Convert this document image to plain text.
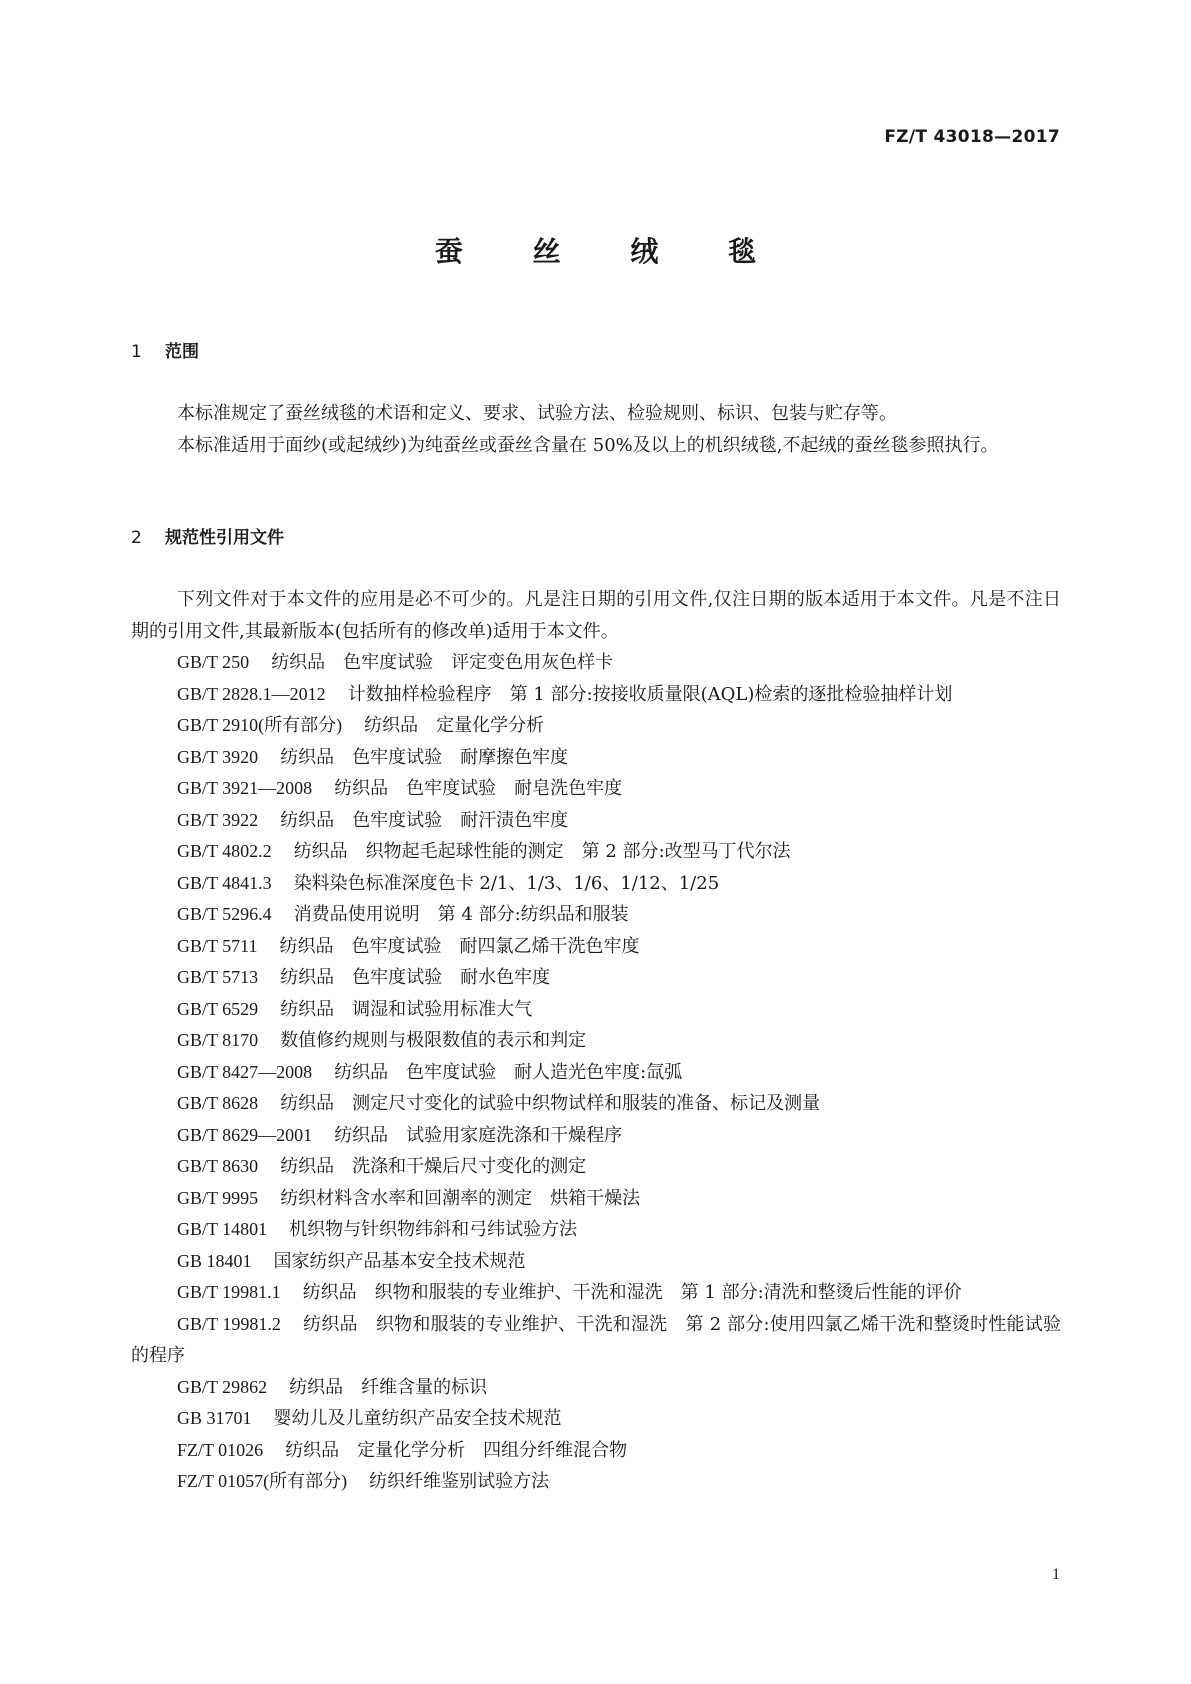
FZ/T 43018—2017
蚕 丝 绒 毯
1 范围

本标准规定了蚕丝绒毯的术语和定义、要求、试验方法、检验规则、标识、包装与贮存等。

本标准适用于面纱(或起绒纱)为纯蚕丝或蚕丝含量在 50%及以上的机织绒毯,不起绒的蚕丝毯参照执行。

2 规范性引用文件

下列文件对于本文件的应用是必不可少的。凡是注日期的引用文件,仅注日期的版本适用于本文件。凡是不注日期的引用文件,其最新版本(包括所有的修改单)适用于本文件。

GB/T 250 纺织品　色牢度试验　评定变色用灰色样卡

GB/T 2828.1—2012 计数抽样检验程序　第 1 部分:按接收质量限(AQL)检索的逐批检验抽样计划

GB/T 2910(所有部分) 纺织品　定量化学分析

GB/T 3920 纺织品　色牢度试验　耐摩擦色牢度

GB/T 3921—2008 纺织品　色牢度试验　耐皂洗色牢度

GB/T 3922 纺织品　色牢度试验　耐汗渍色牢度

GB/T 4802.2 纺织品　织物起毛起球性能的测定　第 2 部分:改型马丁代尔法

GB/T 4841.3 染料染色标准深度色卡 2/1、1/3、1/6、1/12、1/25

GB/T 5296.4 消费品使用说明　第 4 部分:纺织品和服装

GB/T 5711 纺织品　色牢度试验　耐四氯乙烯干洗色牢度

GB/T 5713 纺织品　色牢度试验　耐水色牢度

GB/T 6529 纺织品　调湿和试验用标准大气

GB/T 8170 数值修约规则与极限数值的表示和判定

GB/T 8427—2008 纺织品　色牢度试验　耐人造光色牢度:氙弧

GB/T 8628 纺织品　测定尺寸变化的试验中织物试样和服装的准备、标记及测量

GB/T 8629—2001 纺织品　试验用家庭洗涤和干燥程序

GB/T 8630 纺织品　洗涤和干燥后尺寸变化的测定

GB/T 9995 纺织材料含水率和回潮率的测定　烘箱干燥法

GB/T 14801 机织物与针织物纬斜和弓纬试验方法

GB 18401 国家纺织产品基本安全技术规范

GB/T 19981.1 纺织品　织物和服装的专业维护、干洗和湿洗　第 1 部分:清洗和整烫后性能的评价

GB/T 19981.2 纺织品　织物和服装的专业维护、干洗和湿洗　第 2 部分:使用四氯乙烯干洗和整烫时性能试验的程序

GB/T 29862 纺织品　纤维含量的标识

GB 31701 婴幼儿及儿童纺织产品安全技术规范

FZ/T 01026 纺织品　定量化学分析　四组分纤维混合物

FZ/T 01057(所有部分) 纺织纤维鉴别试验方法

1
